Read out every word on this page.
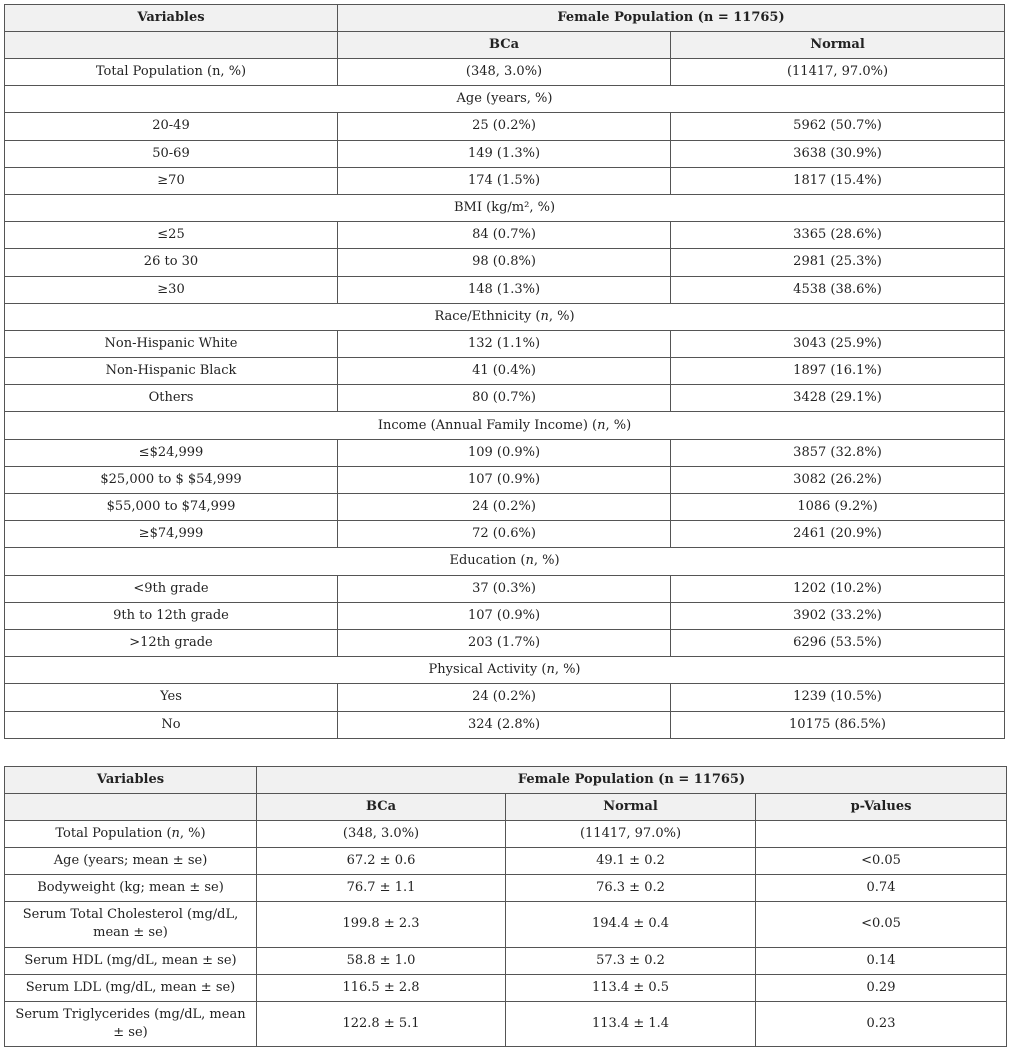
Variables	Female Population (n = 11765)	
	BCa	Normal
Total Population (n, %)	(348, 3.0%)	(11417, 97.0%)
Age (years, %)		
20-49	25 (0.2%)	5962 (50.7%)
50-69	149 (1.3%)	3638 (30.9%)
≥70	174 (1.5%)	1817 (15.4%)
BMI (kg/m², %)		
≤25	84 (0.7%)	3365 (28.6%)
26 to 30	98 (0.8%)	2981 (25.3%)
≥30	148 (1.3%)	4538 (38.6%)
Race/Ethnicity (n, %)		
Non-Hispanic White	132 (1.1%)	3043 (25.9%)
Non-Hispanic Black	41 (0.4%)	1897 (16.1%)
Others	80 (0.7%)	3428 (29.1%)
Income (Annual Family Income) (n, %)		
≤$24,999	109 (0.9%)	3857 (32.8%)
$25,000 to $ $54,999	107 (0.9%)	3082 (26.2%)
$55,000 to $74,999	24 (0.2%)	1086 (9.2%)
≥$74,999	72 (0.6%)	2461 (20.9%)
Education (n, %)		
<9th grade	37 (0.3%)	1202 (10.2%)
9th to 12th grade	107 (0.9%)	3902 (33.2%)
>12th grade	203 (1.7%)	6296 (53.5%)
Physical Activity (n, %)		
Yes	24 (0.2%)	1239 (10.5%)
No	324 (2.8%)	10175 (86.5%)
Variables	Female Population (n = 11765)		
	BCa	Normal	p-Values
Total Population (n, %)	(348, 3.0%)	(11417, 97.0%)	
Age (years; mean ± se)	67.2 ± 0.6	49.1 ± 0.2	<0.05
Bodyweight (kg; mean ± se)	76.7 ± 1.1	76.3 ± 0.2	0.74
Serum Total Cholesterol (mg/dL, mean ± se)	199.8 ± 2.3	194.4 ± 0.4	<0.05
Serum HDL (mg/dL, mean ± se)	58.8 ± 1.0	57.3 ± 0.2	0.14
Serum LDL (mg/dL, mean ± se)	116.5 ± 2.8	113.4 ± 0.5	0.29
Serum Triglycerides (mg/dL, mean ± se)	122.8 ± 5.1	113.4 ± 1.4	0.23
